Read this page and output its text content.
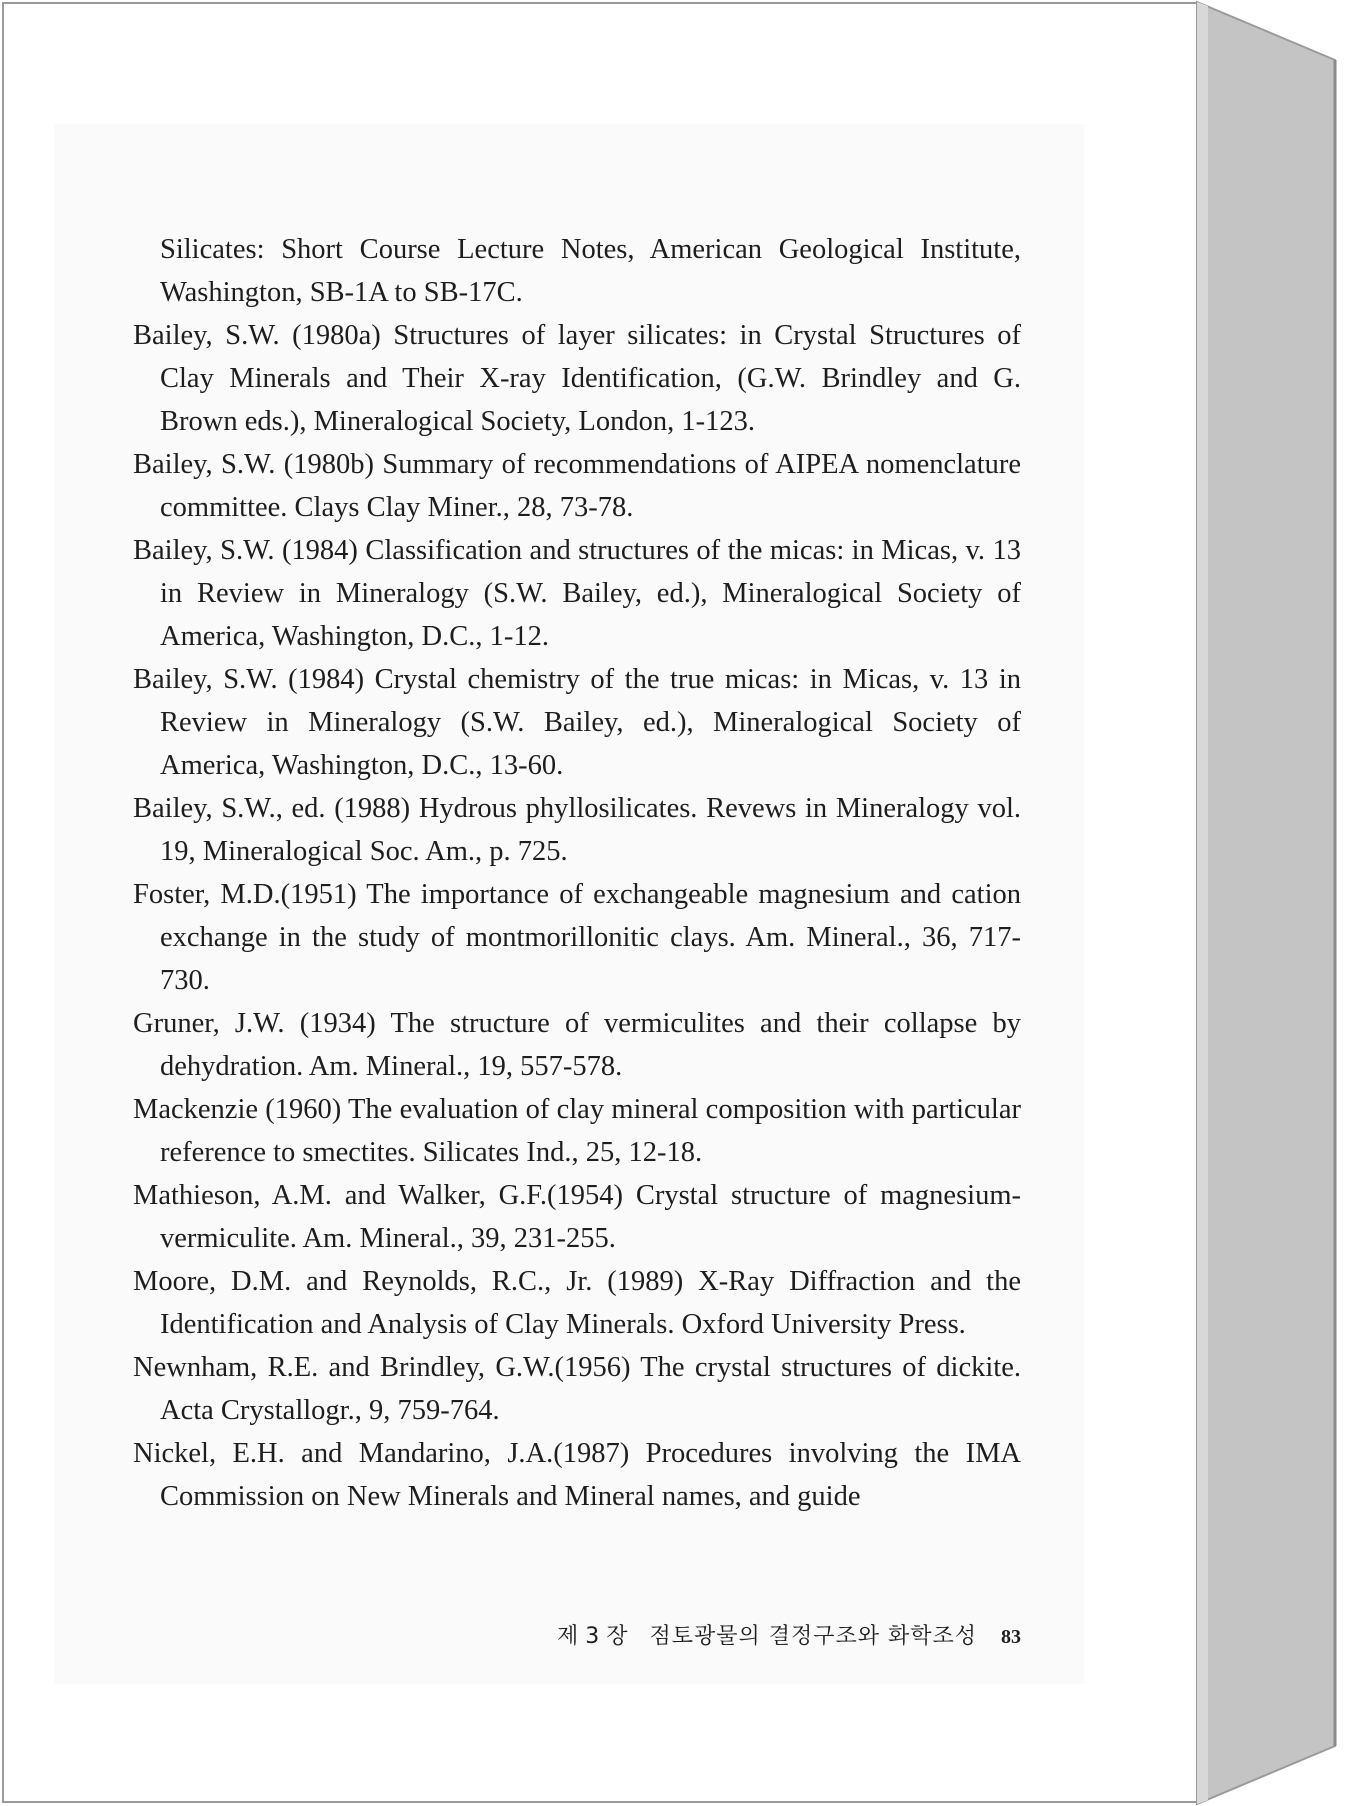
Silicates: Short Course Lecture Notes, American Geological Institute, Washington, SB-1A to SB-17C.

Bailey, S.W. (1980a) Structures of layer silicates: in Crystal Structures of Clay Minerals and Their X-ray Identification, (G.W. Brindley and G. Brown eds.), Mineralogical Society, London, 1-123.

Bailey, S.W. (1980b) Summary of recommendations of AIPEA nomenclature committee. Clays Clay Miner., 28, 73-78.

Bailey, S.W. (1984) Classification and structures of the micas: in Micas, v. 13 in Review in Mineralogy (S.W. Bailey, ed.), Mineralogical Society of America, Washington, D.C., 1-12.

Bailey, S.W. (1984) Crystal chemistry of the true micas: in Micas, v. 13 in Review in Mineralogy (S.W. Bailey, ed.), Mineralogical Society of America, Washington, D.C., 13-60.

Bailey, S.W., ed. (1988) Hydrous phyllosilicates. Revews in Mineralogy vol. 19, Mineralogical Soc. Am., p. 725.

Foster, M.D.(1951) The importance of exchangeable magnesium and cation exchange in the study of montmorillonitic clays. Am. Mineral., 36, 717-730.

Gruner, J.W. (1934) The structure of vermiculites and their collapse by dehydration. Am. Mineral., 19, 557-578.

Mackenzie (1960) The evaluation of clay mineral composition with particular reference to smectites. Silicates Ind., 25, 12-18.

Mathieson, A.M. and Walker, G.F.(1954) Crystal structure of magnesium-vermiculite. Am. Mineral., 39, 231-255.

Moore, D.M. and Reynolds, R.C., Jr. (1989) X-Ray Diffraction and the Identification and Analysis of Clay Minerals. Oxford University Press.

Newnham, R.E. and Brindley, G.W.(1956) The crystal structures of dickite. Acta Crystallogr., 9, 759-764.

Nickel, E.H. and Mandarino, J.A.(1987) Procedures involving the IMA Commission on New Minerals and Mineral names, and guide

제 3 장 점토광물의 결정구조와 화학조성 83
